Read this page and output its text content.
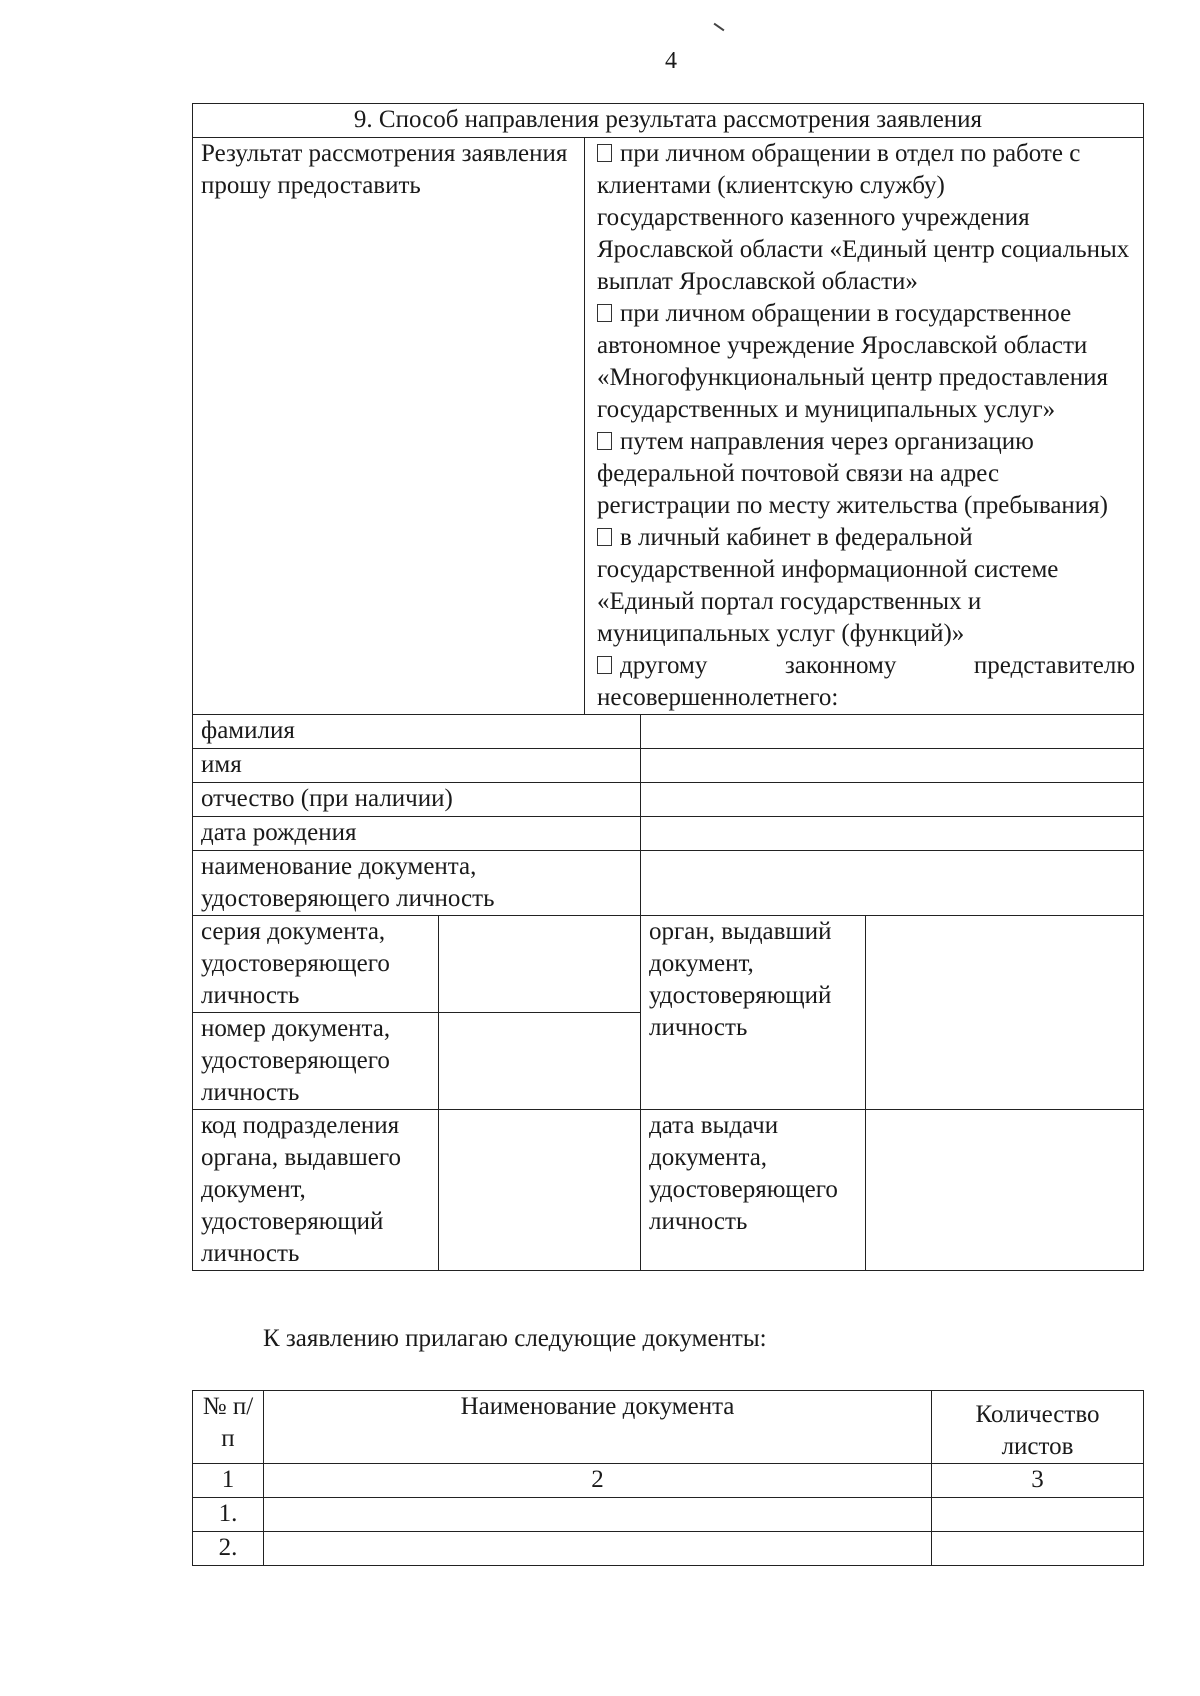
4
9. Способ направления результата рассмотрения заявления				
Результат рассмотрения заявления прошу предоставить		при личном обращении в отдел по работе с клиентами (клиентскую службу) государственного казенного учреждения Ярославской области «Единый центр социальных выплат Ярославской области»
при личном обращении в государственное автономное учреждение Ярославской области «Многофункциональный центр предоставления государственных и муниципальных услуг»
путем направления через организацию федеральной почтовой связи на адрес регистрации по месту жительства (пребывания)
в личный кабинет в федеральной государственной информационной системе «Единый портал государственных и муниципальных услуг (функций)»
другому законному представителю несовершеннолетнего:		

фамилия				
имя				
отчество (при наличии)				
дата рождения				
наименование документа, удостоверяющего личность				
серия документа, удостоверяющего личность			орган, выдавший документ, удостоверяющий личность	
номер документа, удостоверяющего личность				
код подразделения органа, выдавшего документ, удостоверяющий личность			дата выдачи документа, удостоверяющего личность	
К заявлению прилагаю следующие документы:
№ п/п	Наименование документа	Количество листов
1	2	3
1.		
2.		
